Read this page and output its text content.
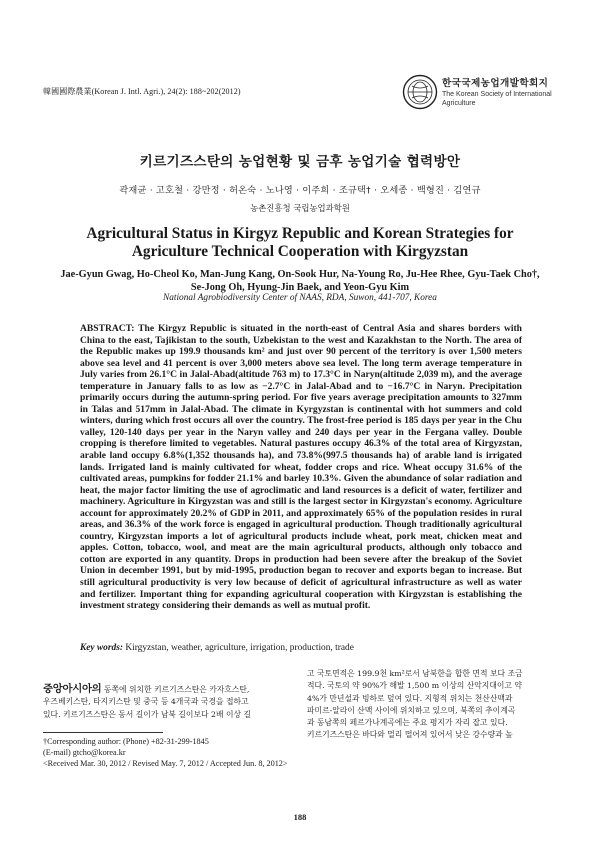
韓國國際農業(Korean J. Intl. Agri.), 24(2): 188~202(2012)
한국국제농업개발학회지
The Korean Society of International Agriculture
키르기즈스탄의 농업현황 및 금후 농업기술 협력방안
곽재균 · 고호철 · 강만정 · 허온숙 · 노나영 · 이주희 · 조규택† · 오세종 · 백형진 · 김연규
농촌진흥청 국립농업과학원
Agricultural Status in Kirgyz Republic and Korean Strategies for Agriculture Technical Cooperation with Kirgyzstan
Jae-Gyun Gwag, Ho-Cheol Ko, Man-Jung Kang, On-Sook Hur, Na-Young Ro, Ju-Hee Rhee, Gyu-Taek Cho†,
Se-Jong Oh, Hyung-Jin Baek, and Yeon-Gyu Kim
National Agrobiodiversity Center of NAAS, RDA, Suwon, 441-707, Korea
ABSTRACT: The Kirgyz Republic is situated in the north-east of Central Asia and shares borders with China to the east, Tajikistan to the south, Uzbekistan to the west and Kazakhstan to the North. The area of the Republic makes up 199.9 thousands km² and just over 90 percent of the territory is over 1,500 meters above sea level and 41 percent is over 3,000 meters above sea level. The long term average temperature in July varies from 26.1°C in Jalal-Abad(altitude 763 m) to 17.3°C in Naryn(altitude 2,039 m), and the average temperature in January falls to as low as −2.7°C in Jalal-Abad and to −16.7°C in Naryn. Precipitation primarily occurs during the autumn-spring period. For five years average precipitation amounts to 327mm in Talas and 517mm in Jalal-Abad. The climate in Kyrgyzstan is continental with hot summers and cold winters, during which frost occurs all over the country. The frost-free period is 185 days per year in the Chu valley, 120-140 days per year in the Naryn valley and 240 days per year in the Fergana valley. Double cropping is therefore limited to vegetables. Natural pastures occupy 46.3% of the total area of Kirgyzstan, arable land occupy 6.8%(1,352 thousands ha), and 73.8%(997.5 thousands ha) of arable land is irrigated lands. Irrigated land is mainly cultivated for wheat, fodder crops and rice. Wheat occupy 31.6% of the cultivated areas, pumpkins for fodder 21.1% and barley 10.3%. Given the abundance of solar radiation and heat, the major factor limiting the use of agroclimatic and land resources is a deficit of water, fertilizer and machinery. Agriculture in Kirgyzstan was and still is the largest sector in Kirgyzstan's economy. Agriculture account for approximately 20.2% of GDP in 2011, and approximately 65% of the population resides in rural areas, and 36.3% of the work force is engaged in agricultural production. Though traditionally agricultural country, Kirgyzstan imports a lot of agricultural products include wheat, pork meat, chicken meat and apples. Cotton, tobacco, wool, and meat are the main agricultural products, although only tobacco and cotton are exported in any quantity. Drops in production had been severe after the breakup of the Soviet Union in december 1991, but by mid-1995, production began to recover and exports began to increase. But still agricultural productivity is very low because of deficit of agricultural infrastructure as well as water and fertilizer. Important thing for expanding agricultural cooperation with Kirgyzstan is establishing the investment strategy considering their demands as well as mutual profit.
Key words: Kirgyzstan, weather, agriculture, irrigation, production, trade
중앙아시아의 동쪽에 위치한 키르기즈스탄은 카자흐스탄,
우즈베키스탄, 타지키스탄 및 중국 등 4개국과 국경을 접하고
있다. 키르기즈스탄은 동서 길이가 남북 길이보다 2배 이상 길
고 국토면적은 199.9천 km²로서 남북한을 합한 면적 보다 조금
적다. 국토의 약 90%가 해발 1,500 m 이상의 산악지대이고 약
4%가 만년설과 빙하로 덮여 있다. 지형적 위치는 천산산맥과
파미르-알라이 산맥 사이에 위치하고 있으며, 북쪽의 추이계곡
과 동남쪽의 페르가나계곡에는 주요 평지가 자리 잡고 있다.
키르기즈스탄은 바다와 멀리 떨어져 있어서 낮은 강수량과 높
†Corresponding author: (Phone) +82-31-299-1845
(E-mail) gtcho@korea.kr
<Received Mar. 30, 2012 / Revised May. 7, 2012 / Accepted Jun. 8, 2012>
188
